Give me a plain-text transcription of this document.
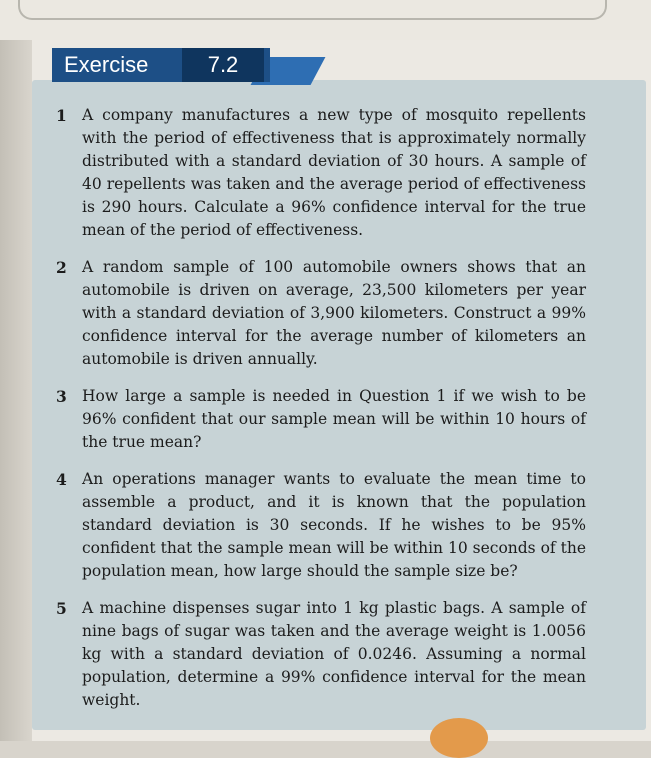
Exercise	7.2
1 A company manufactures a new type of mosquito repellents with the period of effectiveness that is approximately normally distributed with a standard deviation of 30 hours. A sample of 40 repellents was taken and the average period of effectiveness is 290 hours. Calculate a 96% confidence interval for the true mean of the period of effectiveness.
2 A random sample of 100 automobile owners shows that an automobile is driven on average, 23,500 kilometers per year with a standard deviation of 3,900 kilometers. Construct a 99% confidence interval for the average number of kilometers an automobile is driven annually.
3 How large a sample is needed in Question 1 if we wish to be 96% confident that our sample mean will be within 10 hours of the true mean?
4 An operations manager wants to evaluate the mean time to assemble a product, and it is known that the population standard deviation is 30 seconds. If he wishes to be 95% confident that the sample mean will be within 10 seconds of the population mean, how large should the sample size be?
5 A machine dispenses sugar into 1 kg plastic bags. A sample of nine bags of sugar was taken and the average weight is 1.0056 kg with a standard deviation of 0.0246. Assuming a normal population, determine a 99% confidence interval for the mean weight.
